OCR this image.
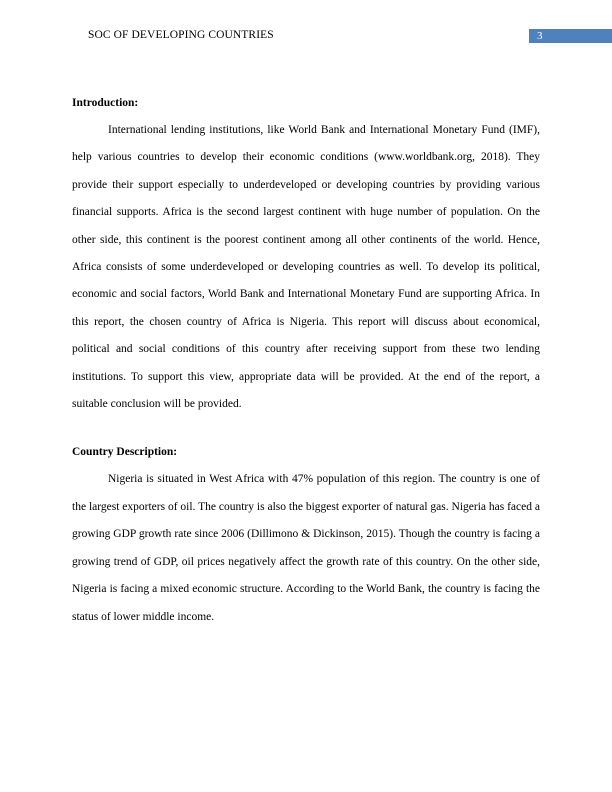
SOC OF DEVELOPING COUNTRIES	3

Introduction:

International lending institutions, like World Bank and International Monetary Fund (IMF), help various countries to develop their economic conditions (www.worldbank.org, 2018). They provide their support especially to underdeveloped or developing countries by providing various financial supports. Africa is the second largest continent with huge number of population. On the other side, this continent is the poorest continent among all other continents of the world. Hence, Africa consists of some underdeveloped or developing countries as well. To develop its political, economic and social factors, World Bank and International Monetary Fund are supporting Africa. In this report, the chosen country of Africa is Nigeria. This report will discuss about economical, political and social conditions of this country after receiving support from these two lending institutions. To support this view, appropriate data will be provided. At the end of the report, a suitable conclusion will be provided.

Country Description:

Nigeria is situated in West Africa with 47% population of this region. The country is one of the largest exporters of oil. The country is also the biggest exporter of natural gas. Nigeria has faced a growing GDP growth rate since 2006 (Dillimono & Dickinson, 2015). Though the country is facing a growing trend of GDP, oil prices negatively affect the growth rate of this country. On the other side, Nigeria is facing a mixed economic structure. According to the World Bank, the country is facing the status of lower middle income.
